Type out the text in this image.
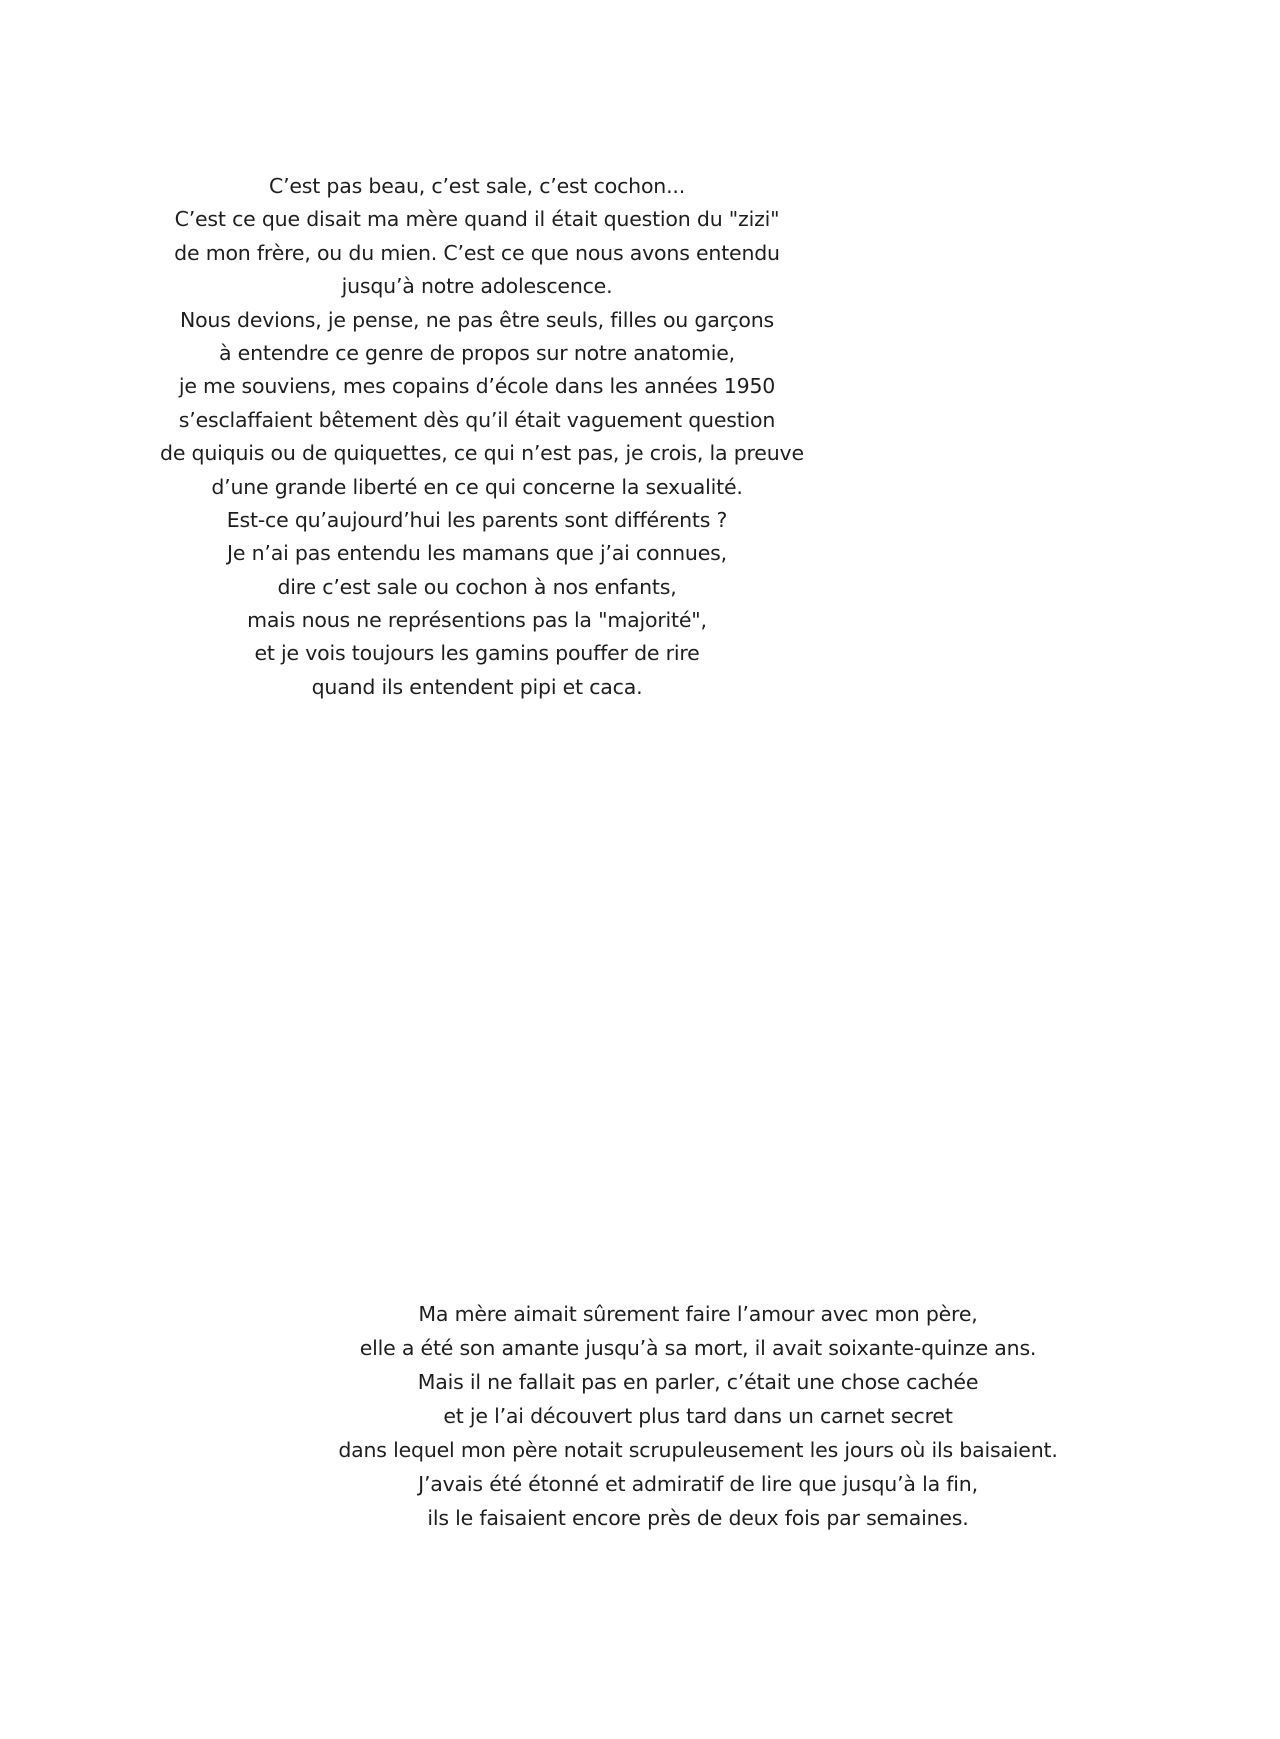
C’est pas beau, c’est sale, c’est cochon...
C’est ce que disait ma mère quand il était question du "zizi"
de mon frère, ou du mien. C’est ce que nous avons entendu
jusqu’à notre adolescence.
Nous devions, je pense, ne pas être seuls, filles ou garçons
à entendre ce genre de propos sur notre anatomie,
je me souviens, mes copains d’école dans les années 1950
s’esclaffaient bêtement dès qu’il était vaguement question
de quiquis ou de quiquettes, ce qui n’est pas, je crois, la preuve
d’une grande liberté en ce qui concerne la sexualité.
Est-ce qu’aujourd’hui les parents sont différents ?
Je n’ai pas entendu les mamans que j’ai connues,
dire c’est sale ou cochon à nos enfants,
mais nous ne représentions pas la "majorité",
et je vois toujours les gamins pouffer de rire
quand ils entendent pipi et caca.
Ma mère aimait sûrement faire l’amour avec mon père,
elle a été son amante jusqu’à sa mort, il avait soixante-quinze ans.
Mais il ne fallait pas en parler, c’était une chose cachée
et je l’ai découvert plus tard dans un carnet secret
dans lequel mon père notait scrupuleusement les jours où ils baisaient.
J’avais été étonné et admiratif de lire que jusqu’à la fin,
ils le faisaient encore près de deux fois par semaines.
